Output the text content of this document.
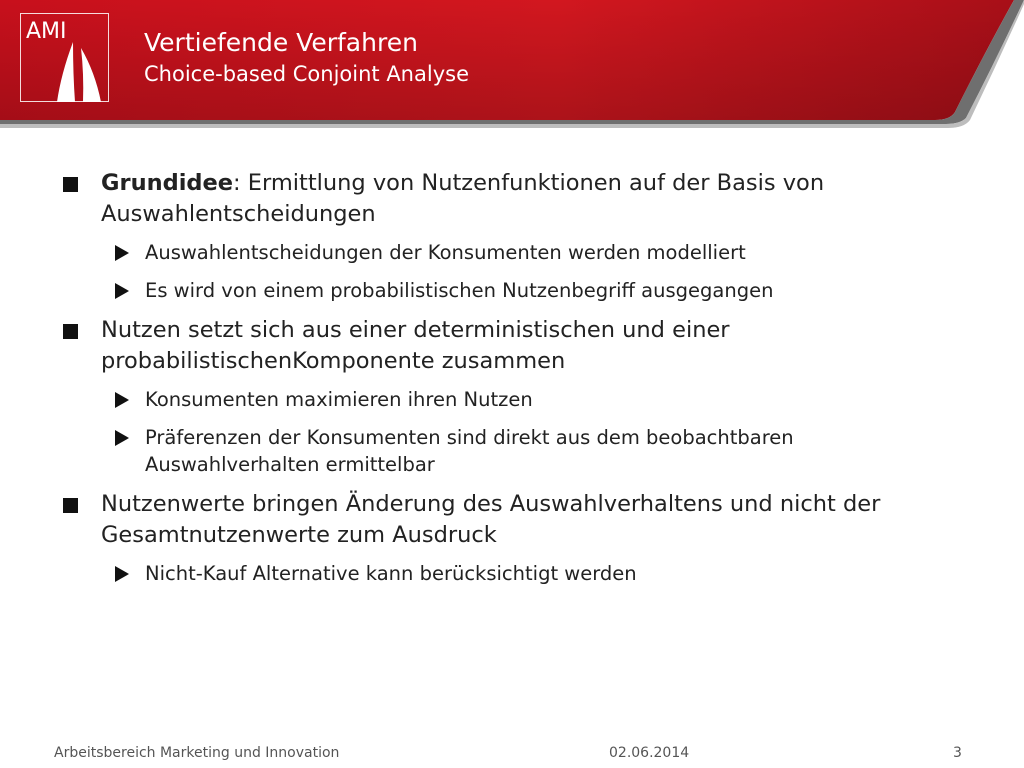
AMI	Vertiefende Verfahren
Choice-based Conjoint Analyse
Grundidee: Ermittlung von Nutzenfunktionen auf der Basis von Auswahlentscheidungen
Auswahlentscheidungen der Konsumenten werden modelliert
Es wird von einem probabilistischen Nutzenbegriff ausgegangen
Nutzen setzt sich aus einer deterministischen und einer probabilistischenKomponente zusammen
Konsumenten maximieren ihren Nutzen
Präferenzen der Konsumenten sind direkt aus dem beobachtbaren Auswahlverhalten ermittelbar
Nutzenwerte bringen Änderung des Auswahlverhaltens und nicht der Gesamtnutzenwerte zum Ausdruck
Nicht-Kauf Alternative kann berücksichtigt werden
Arbeitsbereich Marketing und Innovation	02.06.2014	3
